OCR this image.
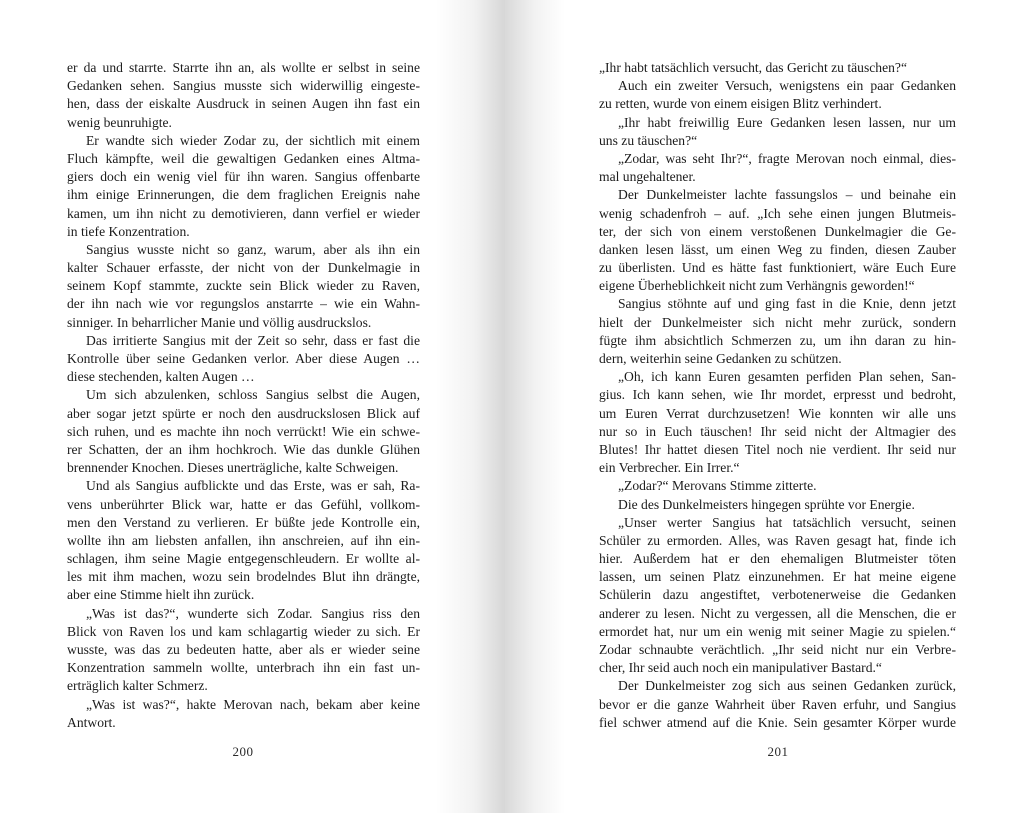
er da und starrte. Starrte ihn an, als wollte er selbst in seine
Gedanken sehen. Sangius musste sich widerwillig eingeste-
hen, dass der eiskalte Ausdruck in seinen Augen ihn fast ein
wenig beunruhigte.
Er wandte sich wieder Zodar zu, der sichtlich mit einem
Fluch kämpfte, weil die gewaltigen Gedanken eines Altma-
giers doch ein wenig viel für ihn waren. Sangius offenbarte
ihm einige Erinnerungen, die dem fraglichen Ereignis nahe
kamen, um ihn nicht zu demotivieren, dann verfiel er wieder
in tiefe Konzentration.
Sangius wusste nicht so ganz, warum, aber als ihn ein
kalter Schauer erfasste, der nicht von der Dunkelmagie in
seinem Kopf stammte, zuckte sein Blick wieder zu Raven,
der ihn nach wie vor regungslos anstarrte – wie ein Wahn-
sinniger. In beharrlicher Manie und völlig ausdruckslos.
Das irritierte Sangius mit der Zeit so sehr, dass er fast die
Kontrolle über seine Gedanken verlor. Aber diese Augen …
diese stechenden, kalten Augen …
Um sich abzulenken, schloss Sangius selbst die Augen,
aber sogar jetzt spürte er noch den ausdruckslosen Blick auf
sich ruhen, und es machte ihn noch verrückt! Wie ein schwe-
rer Schatten, der an ihm hochkroch. Wie das dunkle Glühen
brennender Knochen. Dieses unerträgliche, kalte Schweigen.
Und als Sangius aufblickte und das Erste, was er sah, Ra-
vens unberührter Blick war, hatte er das Gefühl, vollkom-
men den Verstand zu verlieren. Er büßte jede Kontrolle ein,
wollte ihn am liebsten anfallen, ihn anschreien, auf ihn ein-
schlagen, ihm seine Magie entgegenschleudern. Er wollte al-
les mit ihm machen, wozu sein brodelndes Blut ihn drängte,
aber eine Stimme hielt ihn zurück.
„Was ist das?“, wunderte sich Zodar. Sangius riss den
Blick von Raven los und kam schlagartig wieder zu sich. Er
wusste, was das zu bedeuten hatte, aber als er wieder seine
Konzentration sammeln wollte, unterbrach ihn ein fast un-
erträglich kalter Schmerz.
„Was ist was?“, hakte Merovan nach, bekam aber keine
Antwort.
200
„Ihr habt tatsächlich versucht, das Gericht zu täuschen?“
Auch ein zweiter Versuch, wenigstens ein paar Gedanken
zu retten, wurde von einem eisigen Blitz verhindert.
„Ihr habt freiwillig Eure Gedanken lesen lassen, nur um
uns zu täuschen?“
„Zodar, was seht Ihr?“, fragte Merovan noch einmal, dies-
mal ungehaltener.
Der Dunkelmeister lachte fassungslos – und beinahe ein
wenig schadenfroh – auf. „Ich sehe einen jungen Blutmeis-
ter, der sich von einem verstoßenen Dunkelmagier die Ge-
danken lesen lässt, um einen Weg zu finden, diesen Zauber
zu überlisten. Und es hätte fast funktioniert, wäre Euch Eure
eigene Überheblichkeit nicht zum Verhängnis geworden!“
Sangius stöhnte auf und ging fast in die Knie, denn jetzt
hielt der Dunkelmeister sich nicht mehr zurück, sondern
fügte ihm absichtlich Schmerzen zu, um ihn daran zu hin-
dern, weiterhin seine Gedanken zu schützen.
„Oh, ich kann Euren gesamten perfiden Plan sehen, San-
gius. Ich kann sehen, wie Ihr mordet, erpresst und bedroht,
um Euren Verrat durchzusetzen! Wie konnten wir alle uns
nur so in Euch täuschen! Ihr seid nicht der Altmagier des
Blutes! Ihr hattet diesen Titel noch nie verdient. Ihr seid nur
ein Verbrecher. Ein Irrer.“
„Zodar?“ Merovans Stimme zitterte.
Die des Dunkelmeisters hingegen sprühte vor Energie.
„Unser werter Sangius hat tatsächlich versucht, seinen
Schüler zu ermorden. Alles, was Raven gesagt hat, finde ich
hier. Außerdem hat er den ehemaligen Blutmeister töten
lassen, um seinen Platz einzunehmen. Er hat meine eigene
Schülerin dazu angestiftet, verbotenerweise die Gedanken
anderer zu lesen. Nicht zu vergessen, all die Menschen, die er
ermordet hat, nur um ein wenig mit seiner Magie zu spielen.“
Zodar schnaubte verächtlich. „Ihr seid nicht nur ein Verbre-
cher, Ihr seid auch noch ein manipulativer Bastard.“
Der Dunkelmeister zog sich aus seinen Gedanken zurück,
bevor er die ganze Wahrheit über Raven erfuhr, und Sangius
fiel schwer atmend auf die Knie. Sein gesamter Körper wurde
201
